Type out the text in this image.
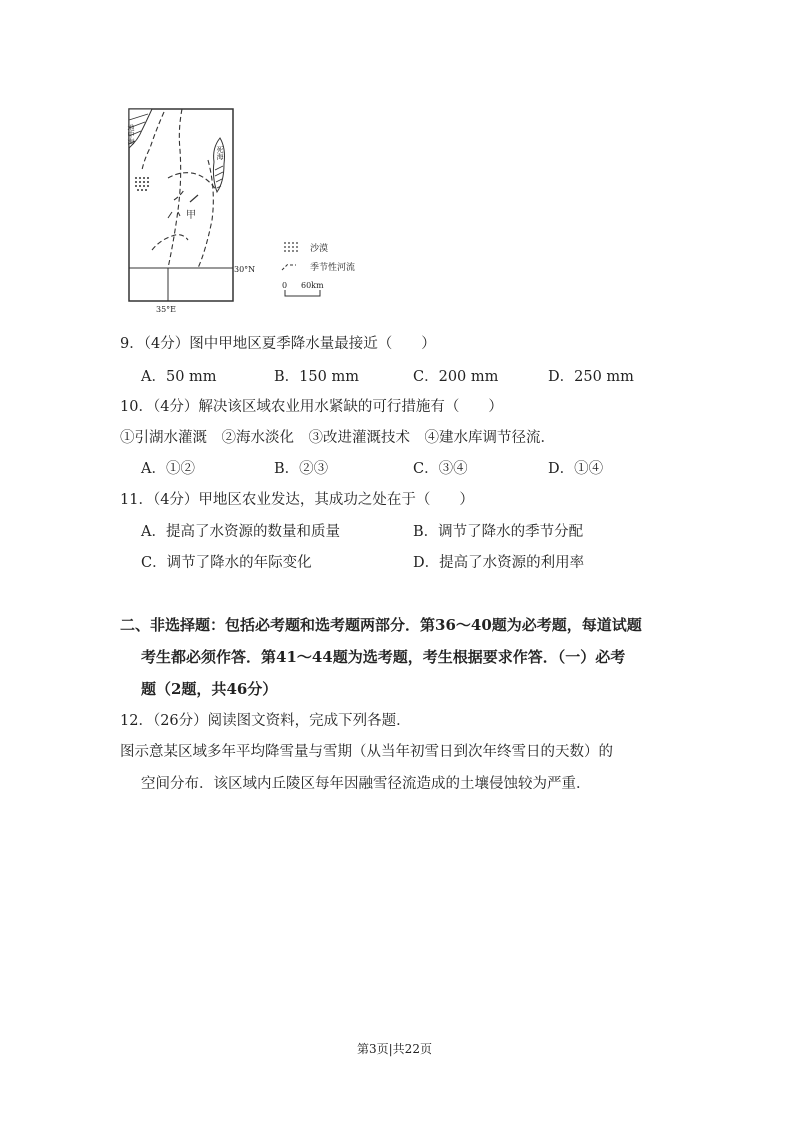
地中海
死海
甲
30°N
35°E
沙漠
季节性河流
0 60km
9．（4分）图中甲地区夏季降水量最接近（　　）
A．50 mm	B．150 mm	C．200 mm	D．250 mm
10．（4分）解决该区域农业用水紧缺的可行措施有（　　）
①引湖水灌溉　②海水淡化　③改进灌溉技术　④建水库调节径流．
A．①②	B．②③	C．③④	D．①④
11．（4分）甲地区农业发达，其成功之处在于（　　）
A．提高了水资源的数量和质量	B．调节了降水的季节分配
C．调节了降水的年际变化	D．提高了水资源的利用率
二、非选择题：包括必考题和选考题两部分．第36～40题为必考题，每道试题
考生都必须作答．第41～44题为选考题，考生根据要求作答．（一）必考
题（2题，共46分）
12．（26分）阅读图文资料，完成下列各题．
图示意某区域多年平均降雪量与雪期（从当年初雪日到次年终雪日的天数）的
空间分布．该区域内丘陵区每年因融雪径流造成的土壤侵蚀较为严重．
第3页|共22页
